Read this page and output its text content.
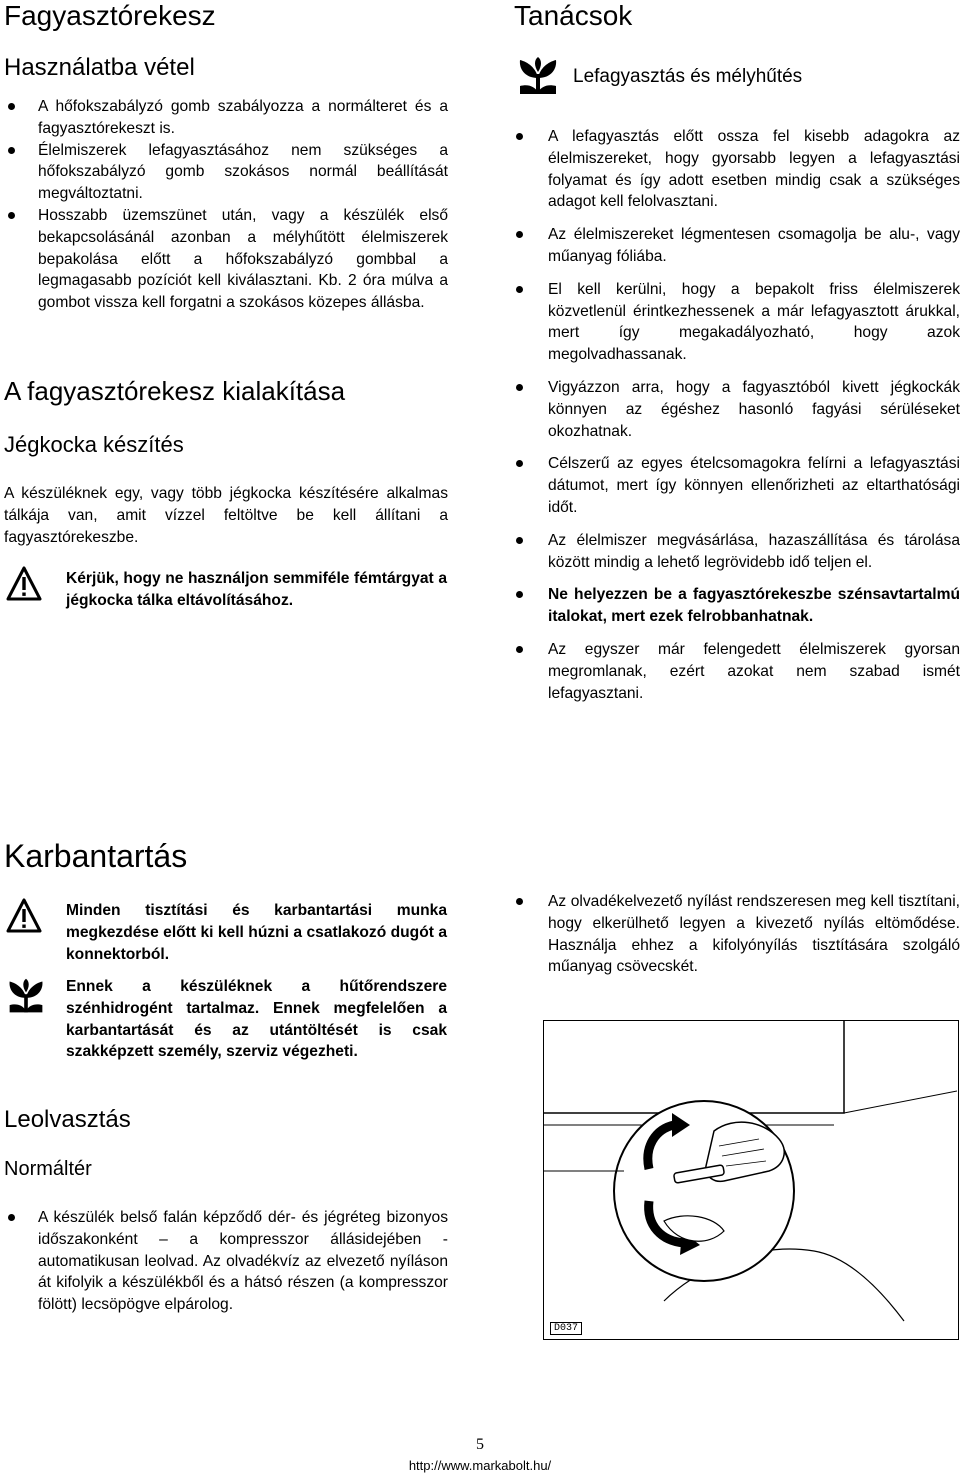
Fagyasztórekesz
Használatba vétel
A hőfokszabályzó gomb szabályozza a normálteret és a fagyasztórekeszt is.
Élelmiszerek lefagyasztásához nem szükséges a hőfokszabályzó gomb szokásos normál beállítását megváltoztatni.
Hosszabb üzemszünet után, vagy a készülék első bekapcsolásánál azonban a mélyhűtött élelmiszerek bepakolása előtt a hőfokszabályzó gombbal a legmagasabb pozíciót kell kiválasztani. Kb. 2 óra múlva a gombot vissza kell forgatni a szokásos közepes állásba.
A fagyasztórekesz kialakítása
Jégkocka készítés
A készüléknek egy, vagy több jégkocka készítésére alkalmas tálkája van, amit vízzel feltöltve be kell állítani a fagyasztórekeszbe.
Kérjük, hogy ne használjon semmiféle fémtárgyat a jégkocka tálka eltávolításához.
Tanácsok
Lefagyasztás és mélyhűtés
A lefagyasztás előtt ossza fel kisebb adagokra az élelmiszereket, hogy gyorsabb legyen a lefagyasztási folyamat és így adott esetben mindig csak a szükséges adagot kell felolvasztani.
Az élelmiszereket légmentesen csomagolja be alu-, vagy műanyag fóliába.
El kell kerülni, hogy a bepakolt friss élelmiszerek közvetlenül érintkezhessenek a már lefagyasztott árukkal, mert így megakadályozható, hogy azok megolvadhassanak.
Vigyázzon arra, hogy a fagyasztóból kivett jégkockák könnyen az égéshez hasonló fagyási sérüléseket okozhatnak.
Célszerű az egyes ételcsomagokra felírni a lefagyasztási dátumot, mert így könnyen ellenőrizheti az eltarthatósági időt.
Az élelmiszer megvásárlása, hazaszállítása és tárolása között mindig a lehető legrövidebb idő teljen el.
Ne helyezzen be a fagyasztórekeszbe szénsavtartalmú italokat, mert ezek felrobbanhatnak.
Az egyszer már felengedett élelmiszerek gyorsan megromlanak, ezért azokat nem szabad ismét lefagyasztani.
Karbantartás
Minden tisztítási és karbantartási munka megkezdése előtt ki kell húzni a csatlakozó dugót a konnektorból.
Ennek a készüléknek a hűtőrendszere szénhidrogént tartalmaz. Ennek megfelelően a karbantartását és az utántöltését is csak szakképzett személy, szerviz végezheti.
Leolvasztás
Normáltér
A készülék belső falán képződő dér- és jégréteg bizonyos időszakonként – a kompresszor állásidejében - automatikusan leolvad. Az olvadékvíz az elvezető nyíláson át kifolyik a készülékből és a hátsó részen (a kompresszor fölött) lecsöpögve elpárolog.
Az olvadékelvezető nyílást rendszeresen meg kell tisztítani, hogy elkerülhető legyen a kivezető nyílás eltömődése. Használja ehhez a kifolyónyílás tisztítására szolgáló műanyag csövecskét.
D037
5
http://www.markabolt.hu/
